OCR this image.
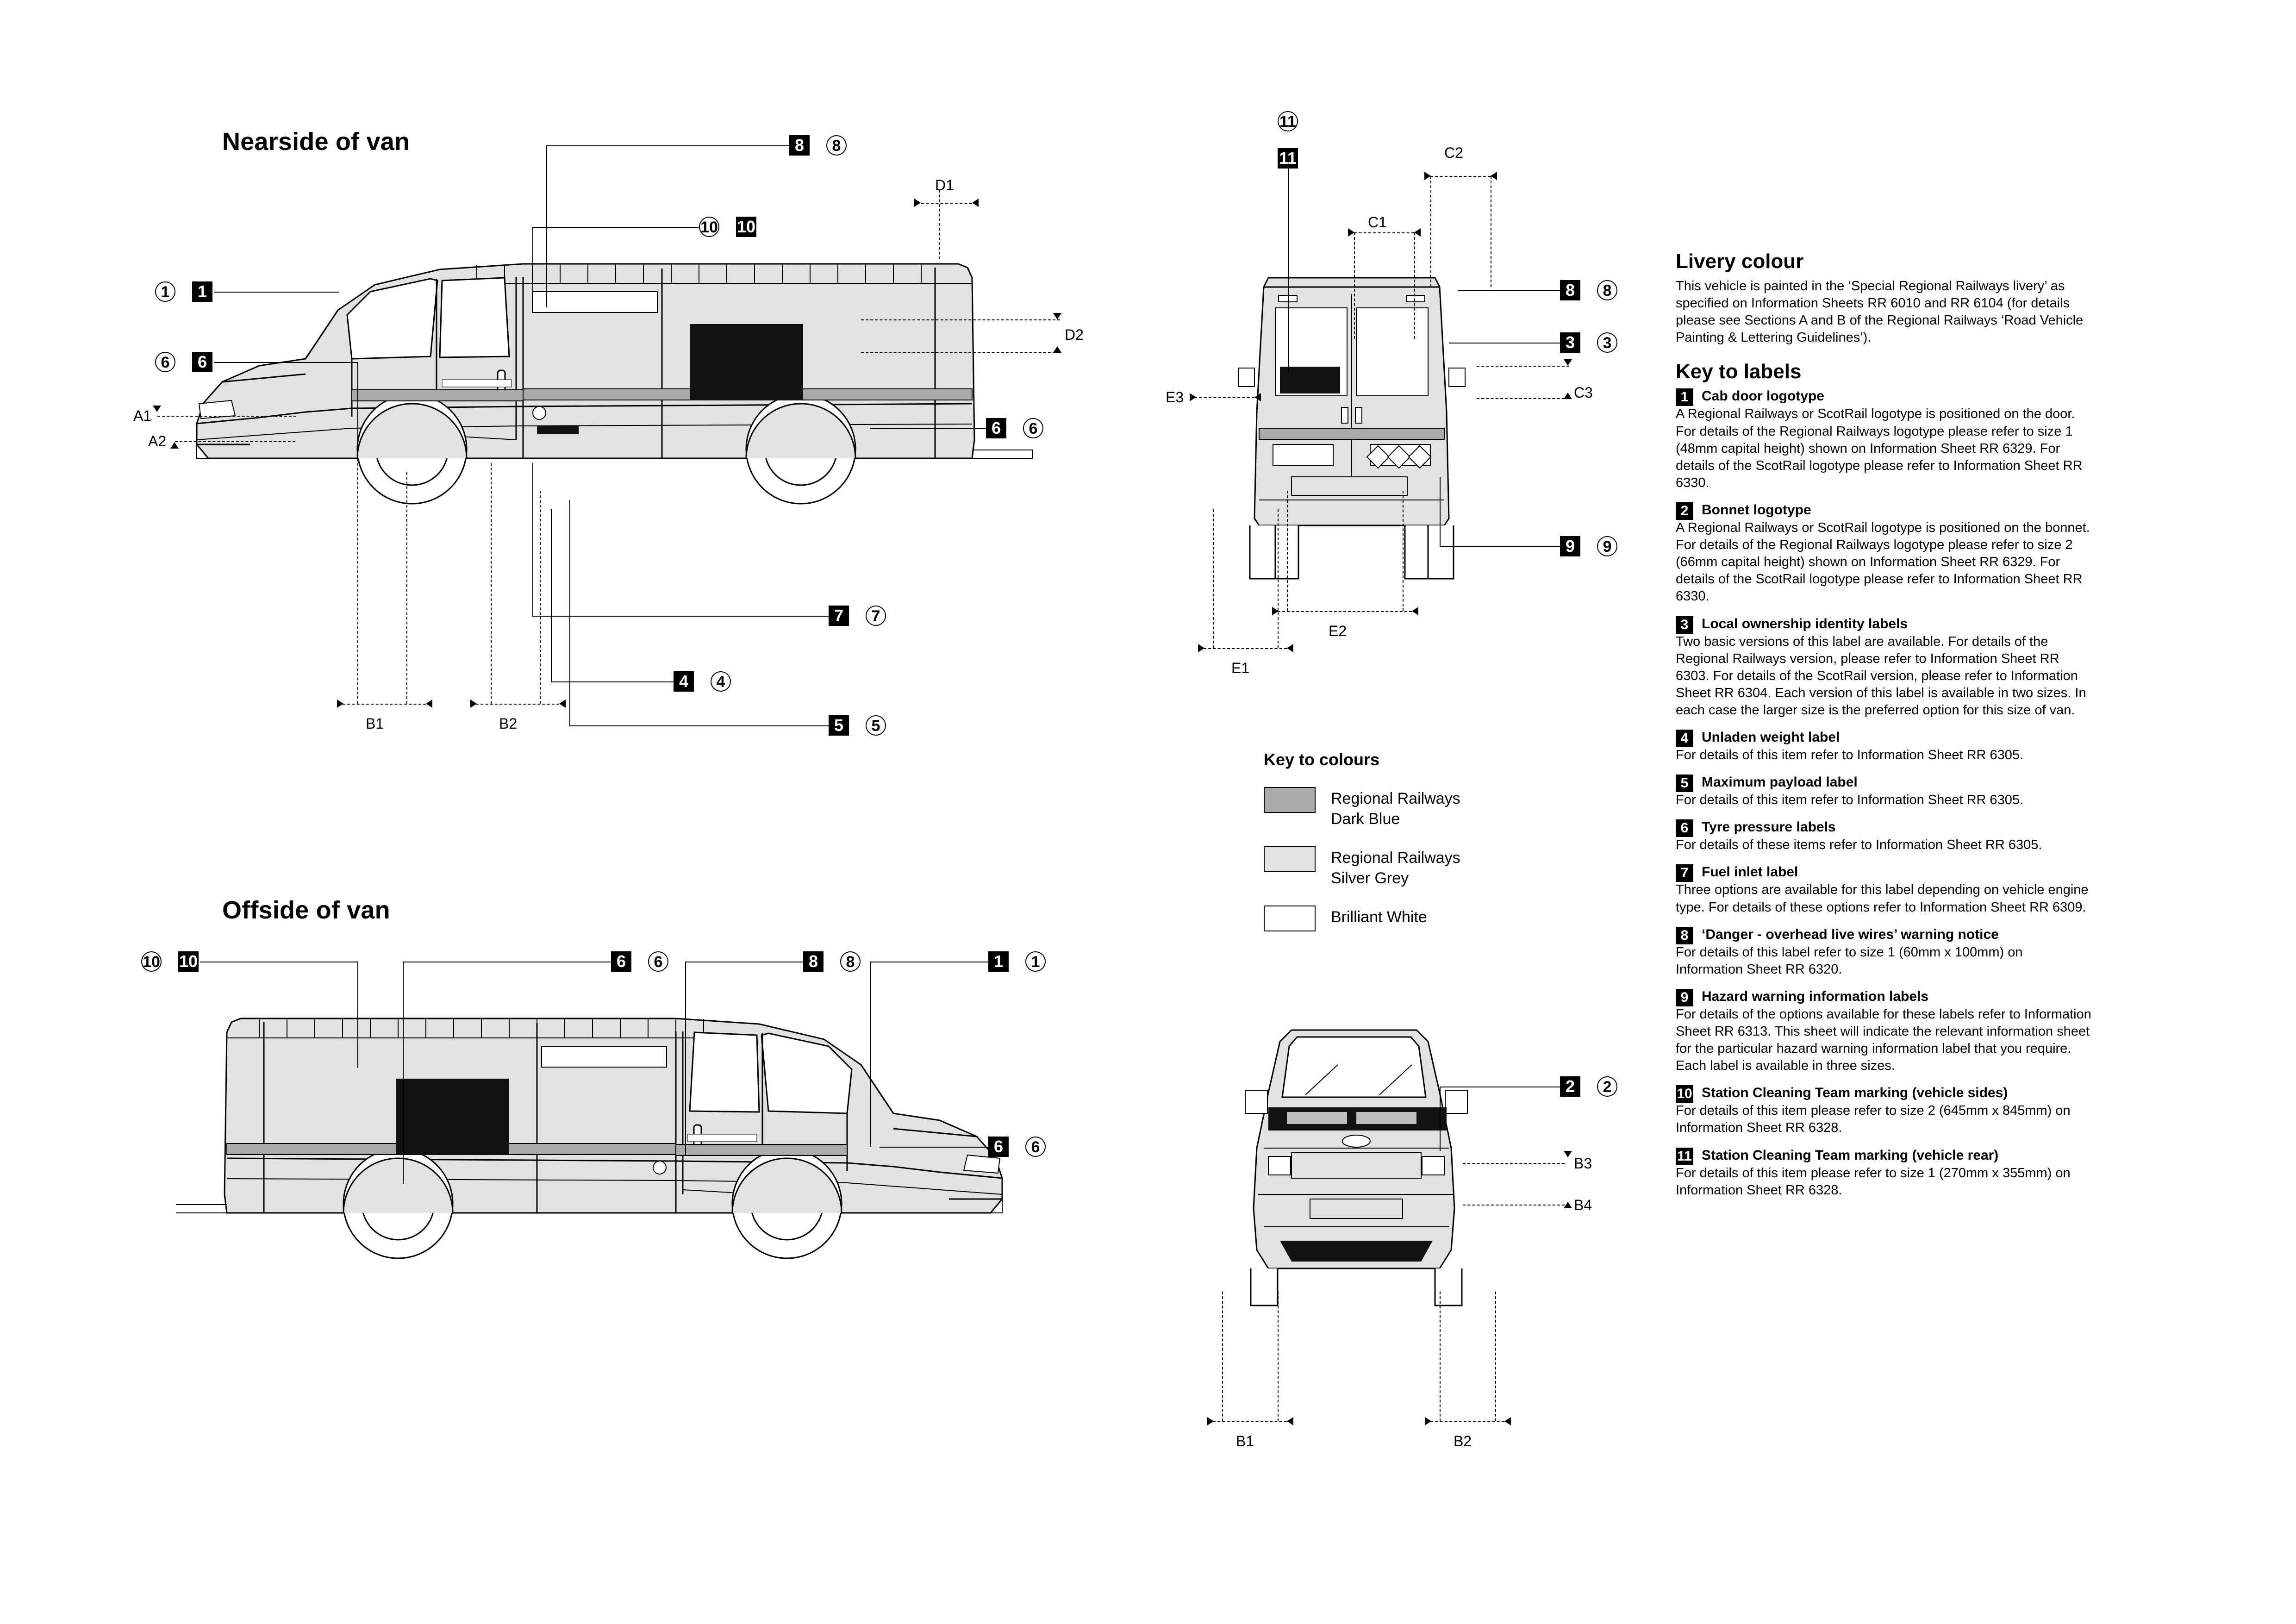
Nearside of van
1
1
6
6
8	8
10
10
6	6
7	7
4	4
5	5
A1
A2
D1
D2
B1	B2
11
11
8	8
3	3
9	9
C1
C2
C3
E3
E1
E2
Offside of van
10 10	6	6	8	8	1	1
6	6
2	2
B3
B4
B1	B2
Key to colours
Regional Railways
Dark Blue
Regional Railways
Silver Grey
Brilliant White
Livery colour

This vehicle is painted in the ‘Special Regional Railways livery’ as specified on Information Sheets RR 6010 and RR 6104 (for details please see Sections A and B of the Regional Railways ‘Road Vehicle Painting & Lettering Guidelines’).

Key to labels
1 Cab door logotype
A Regional Railways or ScotRail logotype is positioned on the door. For details of the Regional Railways logotype please refer to size 1 (48mm capital height) shown on Information Sheet RR 6329. For details of the ScotRail logotype please refer to Information Sheet RR 6330.
2 Bonnet logotype
A Regional Railways or ScotRail logotype is positioned on the bonnet. For details of the Regional Railways logotype please refer to size 2 (66mm capital height) shown on Information Sheet RR 6329. For details of the ScotRail logotype please refer to Information Sheet RR 6330.
3 Local ownership identity labels
Two basic versions of this label are available. For details of the Regional Railways version, please refer to Information Sheet RR 6303. For details of the ScotRail version, please refer to Information Sheet RR 6304. Each version of this label is available in two sizes. In each case the larger size is the preferred option for this size of van.
4 Unladen weight label
For details of this item refer to Information Sheet RR 6305.
5 Maximum payload label
For details of this item refer to Information Sheet RR 6305.
6 Tyre pressure labels
For details of these items refer to Information Sheet RR 6305.
7 Fuel inlet label
Three options are available for this label depending on vehicle engine type. For details of these options refer to Information Sheet RR 6309.
8 ‘Danger - overhead live wires’ warning notice
For details of this label refer to size 1 (60mm x 100mm) on Information Sheet RR 6320.
9 Hazard warning information labels
For details of the options available for these labels refer to Information Sheet RR 6313. This sheet will indicate the relevant information sheet for the particular hazard warning information label that you require. Each label is available in three sizes.
10 Station Cleaning Team marking (vehicle sides)
For details of this item please refer to size 2 (645mm x 845mm) on Information Sheet RR 6328.
11 Station Cleaning Team marking (vehicle rear)
For details of this item please refer to size 1 (270mm x 355mm) on Information Sheet RR 6328.
